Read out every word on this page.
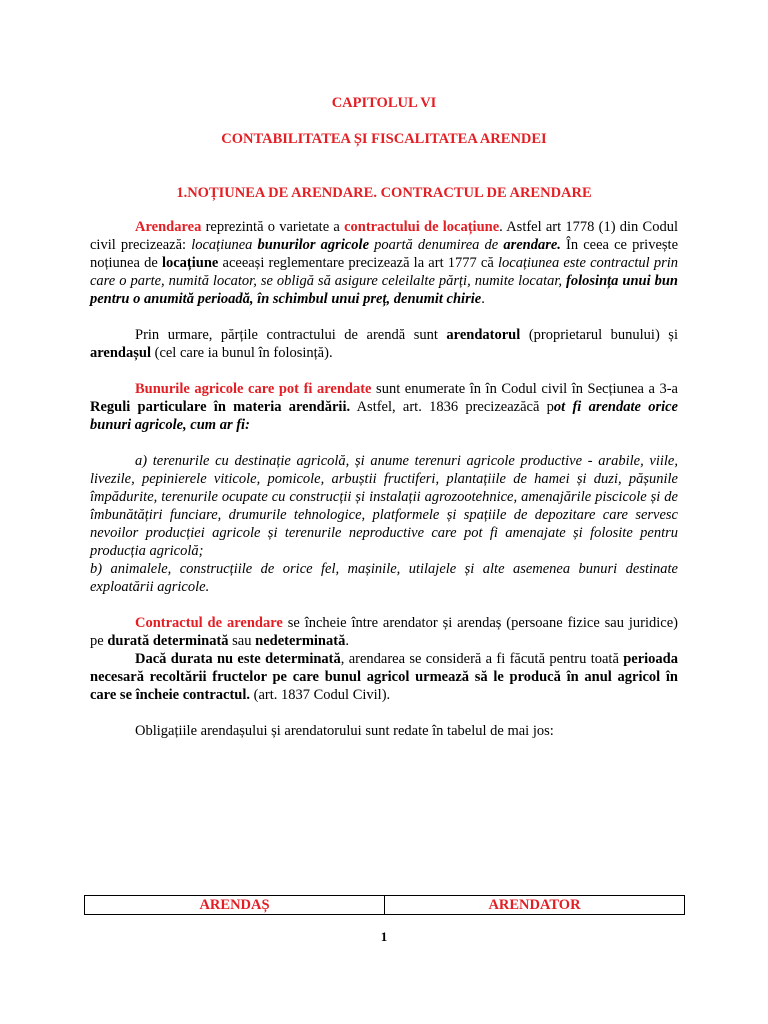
CAPITOLUL VI
CONTABILITATEA ȘI FISCALITATEA ARENDEI
1.NOȚIUNEA DE ARENDARE. CONTRACTUL DE ARENDARE

Arendarea reprezintă o varietate a contractului de locațiune. Astfel art 1778 (1) din Codul civil precizează: locațiunea bunurilor agricole poartă denumirea de arendare. În ceea ce privește noțiunea de locațiune aceeași reglementare precizează la art 1777 că locațiunea este contractul prin care o parte, numită locator, se obligă să asigure celeilalte părți, numite locatar, folosința unui bun pentru o anumită perioadă, în schimbul unui preț, denumit chirie.

Prin urmare, părțile contractului de arendă sunt arendatorul (proprietarul bunului) și arendașul (cel care ia bunul în folosință).

Bunurile agricole care pot fi arendate sunt enumerate în în Codul civil în Secțiunea a 3-a Reguli particulare în materia arendării. Astfel, art. 1836 precizeazăcă pot fi arendate orice bunuri agricole, cum ar fi:

a) terenurile cu destinație agricolă, și anume terenuri agricole productive - arabile, viile, livezile, pepinierele viticole, pomicole, arbuștii fructiferi, plantațiile de hamei și duzi, pășunile împădurite, terenurile ocupate cu construcții și instalații agrozootehnice, amenajările piscicole și de îmbunătățiri funciare, drumurile tehnologice, platformele și spațiile de depozitare care servesc nevoilor producției agricole și terenurile neproductive care pot fi amenajate și folosite pentru producția agricolă;

b) animalele, construcțiile de orice fel, mașinile, utilajele și alte asemenea bunuri destinate exploatării agricole.

Contractul de arendare se încheie între arendator și arendaș (persoane fizice sau juridice) pe durată determinată sau nedeterminată.

Dacă durata nu este determinată, arendarea se consideră a fi făcută pentru toată perioada necesară recoltării fructelor pe care bunul agricol urmează să le producă în anul agricol în care se încheie contractul. (art. 1837 Codul Civil).

Obligațiile arendașului și arendatorului sunt redate în tabelul de mai jos:

ARENDAȘ	ARENDATOR
1
